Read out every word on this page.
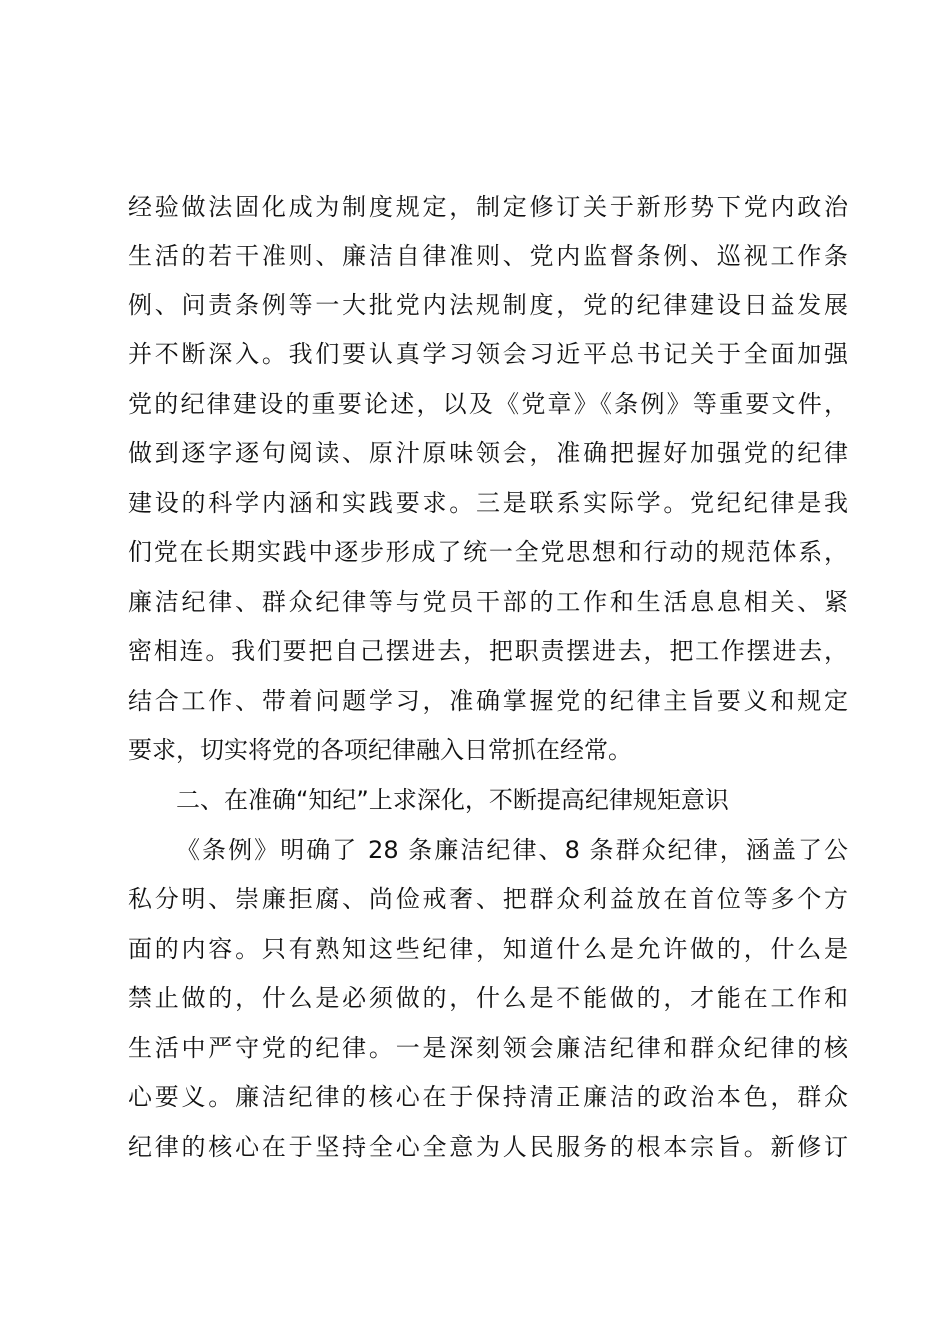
经验做法固化成为制度规定，制定修订关于新形势下党内政治
生活的若干准则、廉洁自律准则、党内监督条例、巡视工作条
例、问责条例等一大批党内法规制度，党的纪律建设日益发展
并不断深入。我们要认真学习领会习近平总书记关于全面加强
党的纪律建设的重要论述，以及《党章》《条例》等重要文件，
做到逐字逐句阅读、原汁原味领会，准确把握好加强党的纪律
建设的科学内涵和实践要求。三是联系实际学。党纪纪律是我
们党在长期实践中逐步形成了统一全党思想和行动的规范体系，
廉洁纪律、群众纪律等与党员干部的工作和生活息息相关、紧
密相连。我们要把自己摆进去，把职责摆进去，把工作摆进去，
结合工作、带着问题学习，准确掌握党的纪律主旨要义和规定
要求，切实将党的各项纪律融入日常抓在经常。
二、在准确“知纪”上求深化，不断提高纪律规矩意识
《条例》明确了 28 条廉洁纪律、8 条群众纪律，涵盖了公
私分明、崇廉拒腐、尚俭戒奢、把群众利益放在首位等多个方
面的内容。只有熟知这些纪律，知道什么是允许做的，什么是
禁止做的，什么是必须做的，什么是不能做的，才能在工作和
生活中严守党的纪律。一是深刻领会廉洁纪律和群众纪律的核
心要义。廉洁纪律的核心在于保持清正廉洁的政治本色，群众
纪律的核心在于坚持全心全意为人民服务的根本宗旨。新修订
